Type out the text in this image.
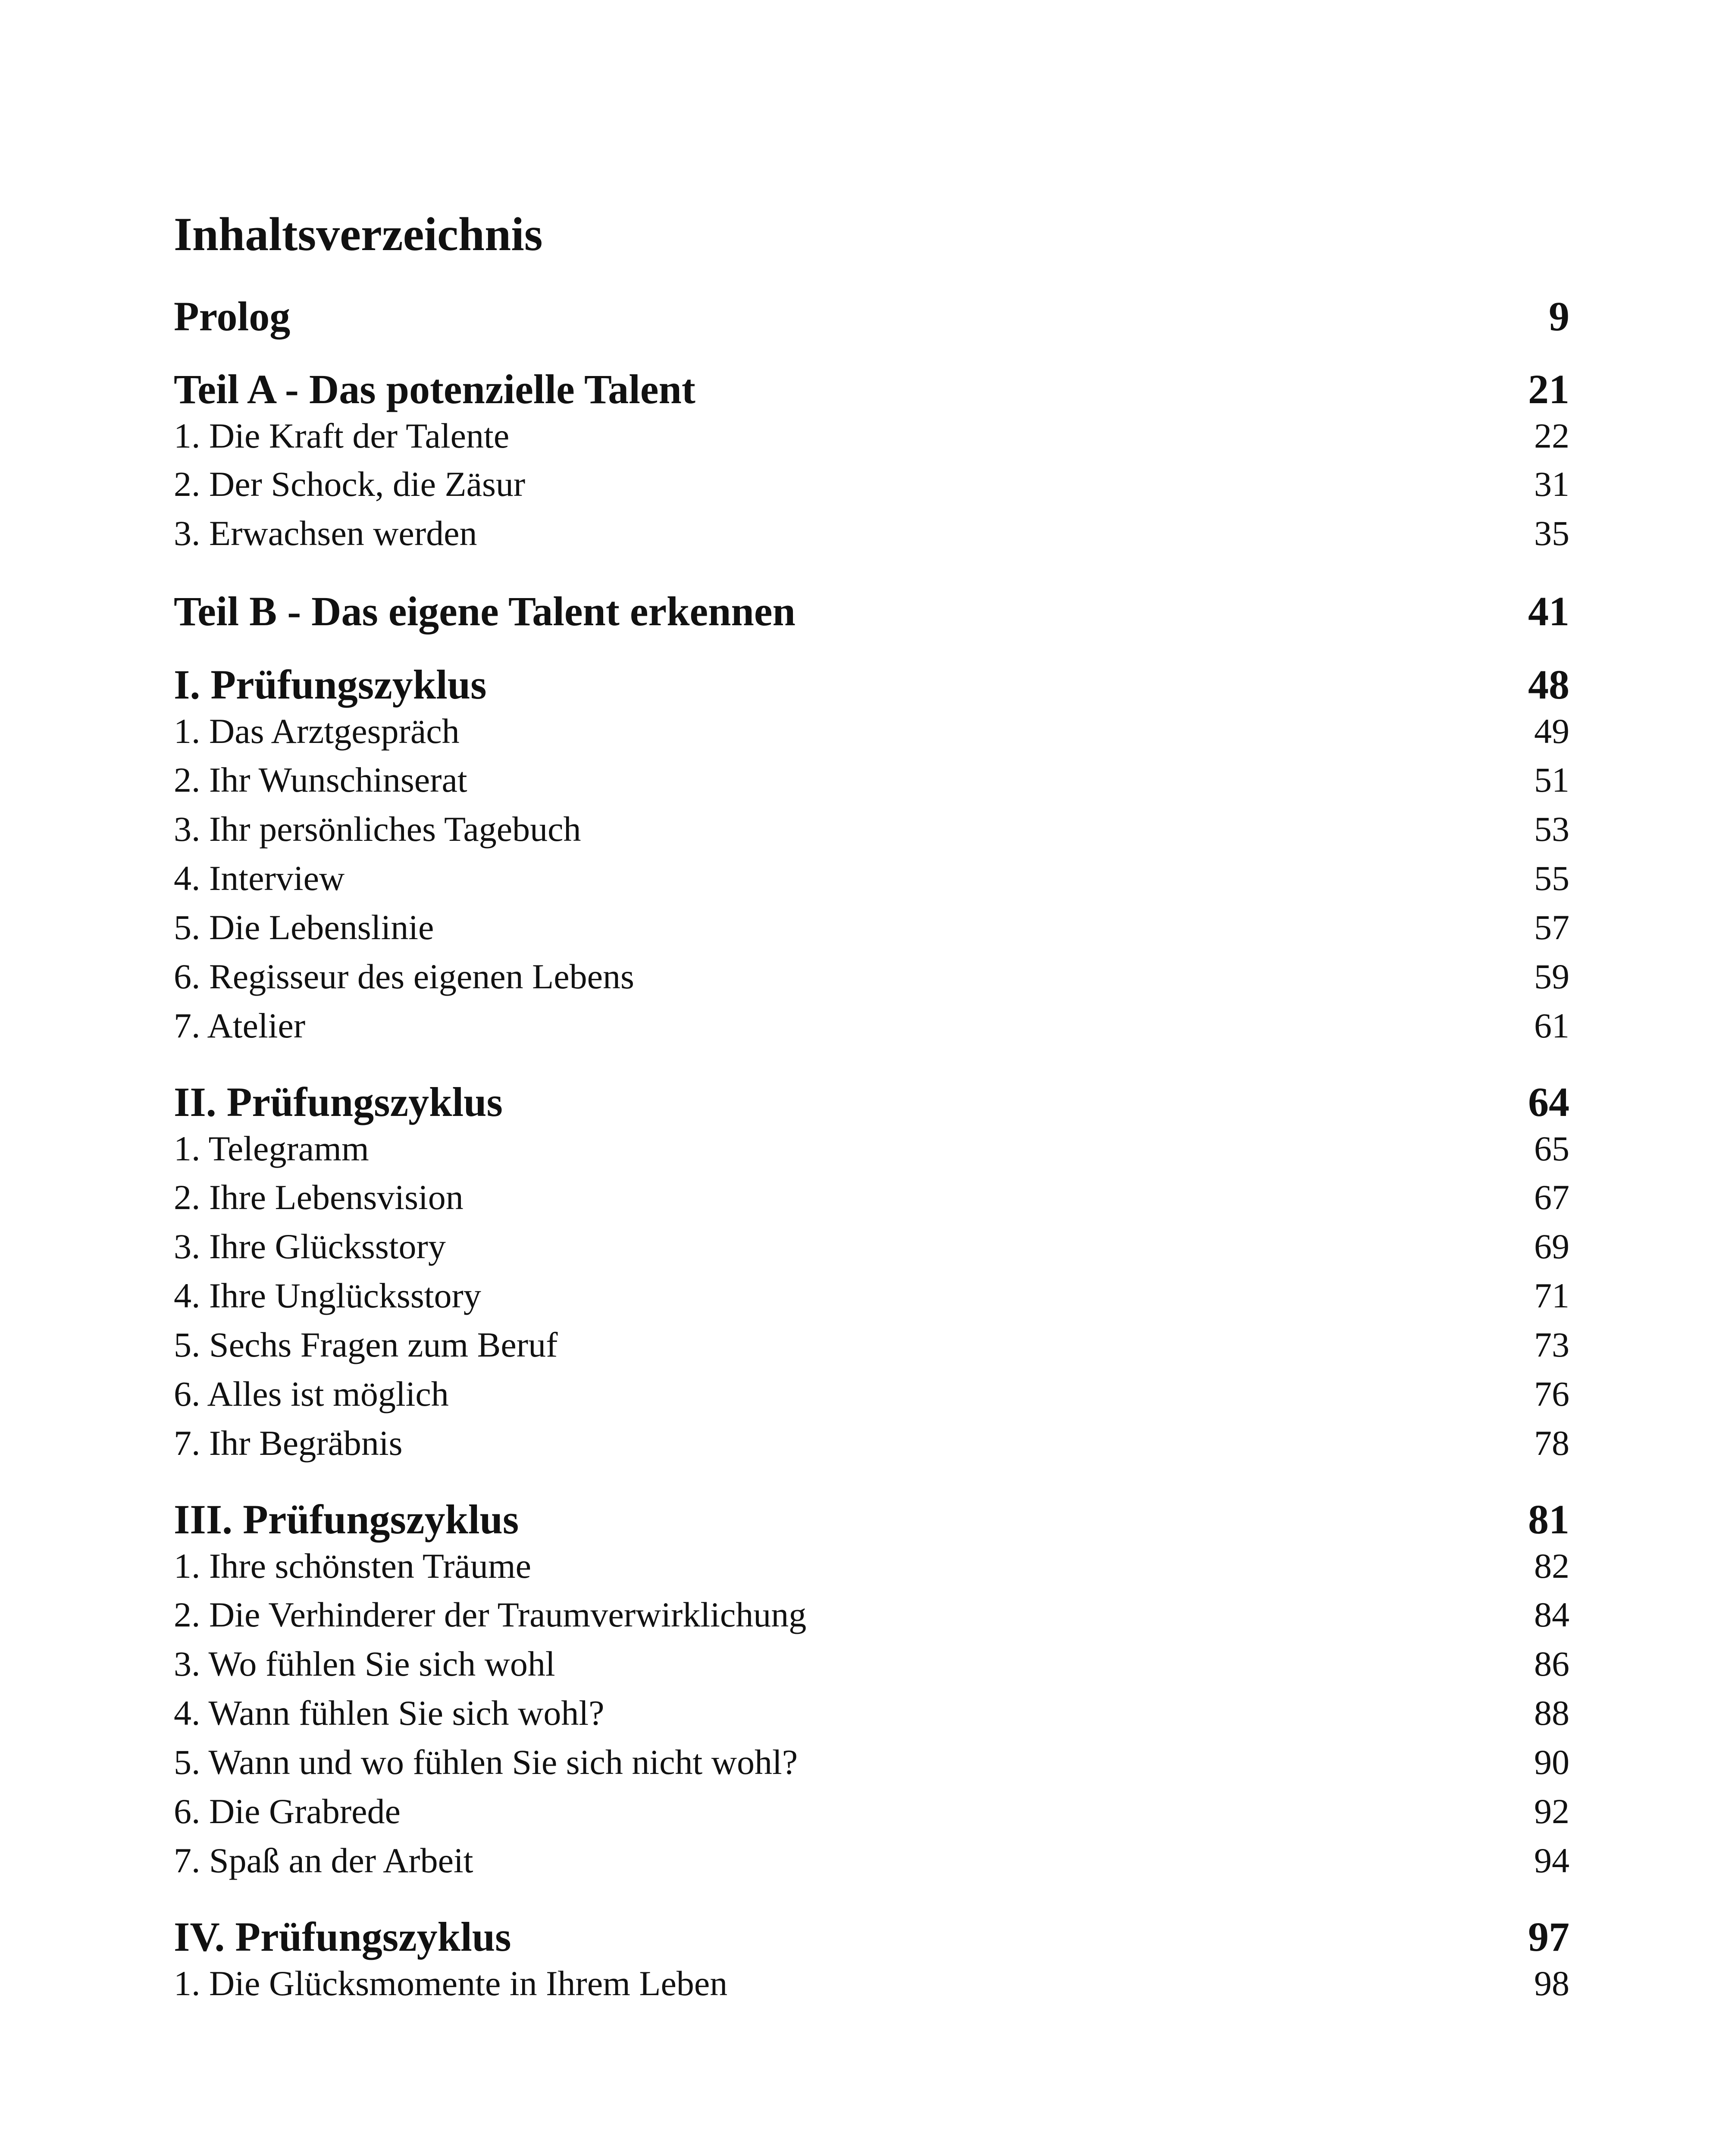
Inhaltsverzeichnis
Prolog	9
Teil A - Das potenzielle Talent	21
1. Die Kraft der Talente	22
2. Der Schock, die Zäsur	31
3. Erwachsen werden	35
Teil B - Das eigene Talent erkennen	41
I. Prüfungszyklus	48
1. Das Arztgespräch	49
2. Ihr Wunschinserat	51
3. Ihr persönliches Tagebuch	53
4. Interview	55
5. Die Lebenslinie	57
6. Regisseur des eigenen Lebens	59
7. Atelier	61
II. Prüfungszyklus	64
1. Telegramm	65
2. Ihre Lebensvision	67
3. Ihre Glücksstory	69
4. Ihre Unglücksstory	71
5. Sechs Fragen zum Beruf	73
6. Alles ist möglich	76
7. Ihr Begräbnis	78
III. Prüfungszyklus	81
1. Ihre schönsten Träume	82
2. Die Verhinderer der Traumverwirklichung	84
3. Wo fühlen Sie sich wohl	86
4. Wann fühlen Sie sich wohl?	88
5. Wann und wo fühlen Sie sich nicht wohl?	90
6. Die Grabrede	92
7. Spaß an der Arbeit	94
IV. Prüfungszyklus	97
1. Die Glücksmomente in Ihrem Leben	98
